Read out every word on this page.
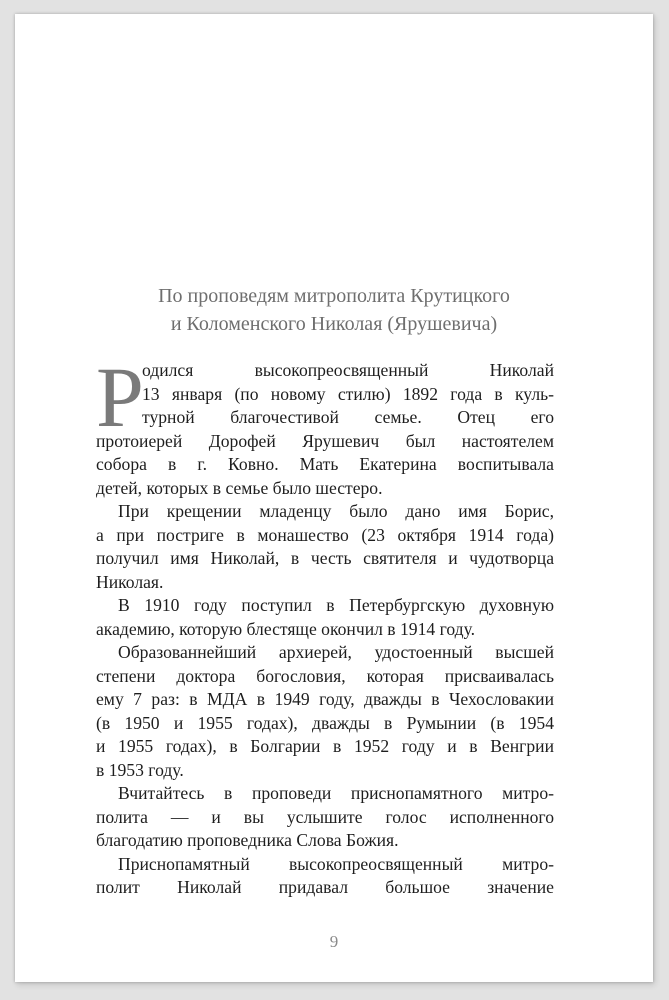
По проповедям митрополита Крутицкого
и Коломенского Николая (Ярушевича)
Р

одился высокопреосвященный Николай
13 января (по новому стилю) 1892 года в куль-
турной благочестивой семье. Отец его
протоиерей Дорофей Ярушевич был настоятелем
собора в г. Ковно. Мать Екатерина воспитывала
детей, которых в семье было шестеро.

При крещении младенцу было дано имя Борис,
а при постриге в монашество (23 октября 1914 года)
получил имя Николай, в честь святителя и чудотворца
Николая.

В 1910 году поступил в Петербургскую духовную
академию, которую блестяще окончил в 1914 году.

Образованнейший архиерей, удостоенный высшей
степени доктора богословия, которая присваивалась
ему 7 раз: в МДА в 1949 году, дважды в Чехословакии
(в 1950 и 1955 годах), дважды в Румынии (в 1954
и 1955 годах), в Болгарии в 1952 году и в Венгрии
в 1953 году.

Вчитайтесь в проповеди приснопамятного митро-
полита — и вы услышите голос исполненного
благодатию проповедника Слова Божия.

Приснопамятный высокопреосвященный митро-
полит Николай придавал большое значение

9
